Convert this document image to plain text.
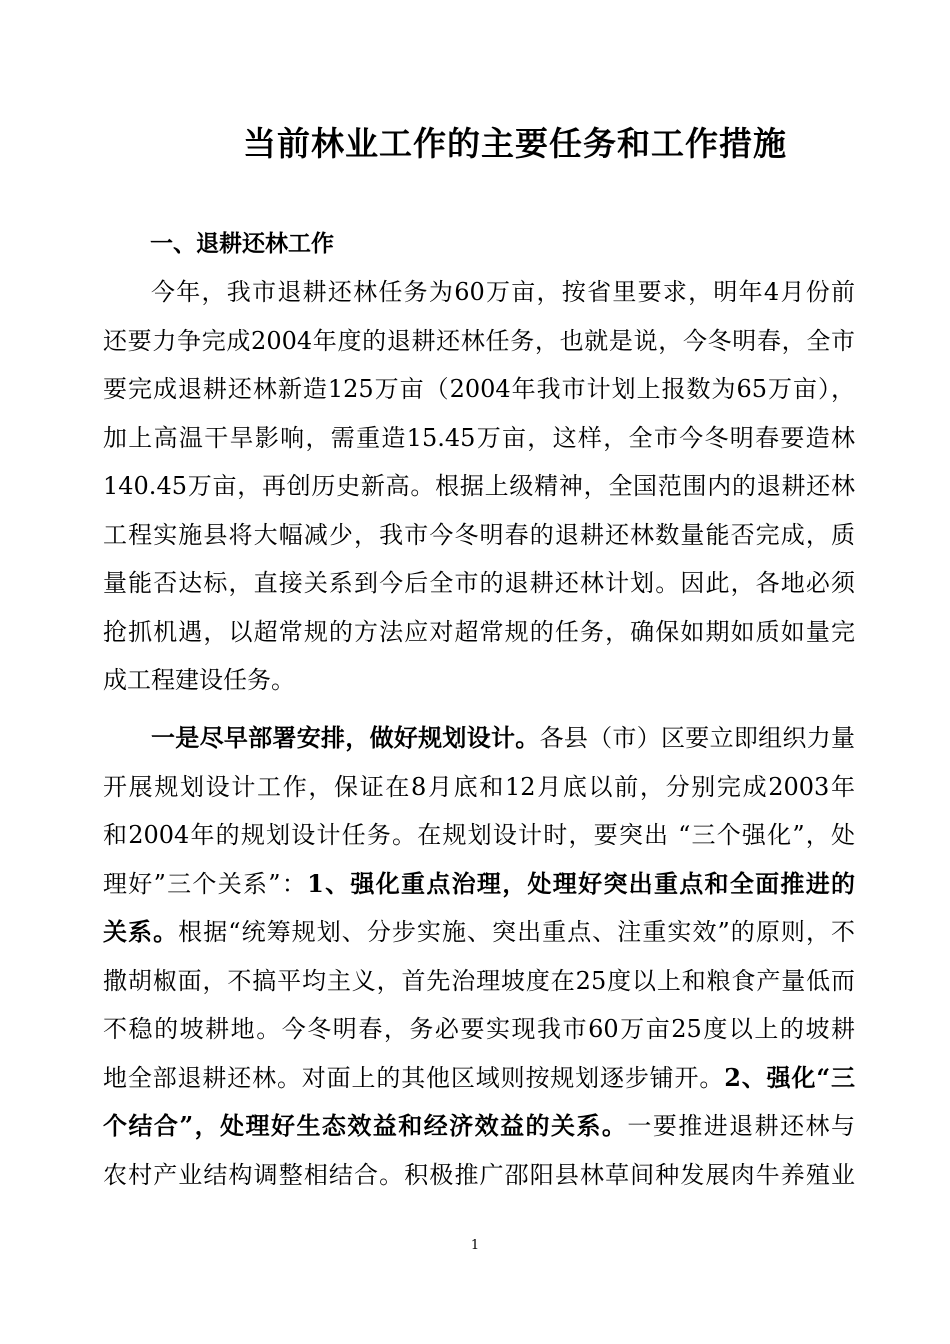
当前林业工作的主要任务和工作措施
一、退耕还林工作
今年，我市退耕还林任务为60万亩，按省里要求，明年4月份前
还要力争完成2004年度的退耕还林任务，也就是说，今冬明春，全市
要完成退耕还林新造125万亩（2004年我市计划上报数为65万亩），
加上高温干旱影响，需重造15.45万亩，这样，全市今冬明春要造林
140.45万亩，再创历史新高。根据上级精神，全国范围内的退耕还林
工程实施县将大幅减少，我市今冬明春的退耕还林数量能否完成，质
量能否达标，直接关系到今后全市的退耕还林计划。因此，各地必须
抢抓机遇，以超常规的方法应对超常规的任务，确保如期如质如量完
成工程建设任务。
一是尽早部署安排，做好规划设计。各县（市）区要立即组织力量
开展规划设计工作，保证在8月底和12月底以前，分别完成2003年
和2004年的规划设计任务。在规划设计时，要突出 “三个强化”，处
理好”三个关系”：1、强化重点治理，处理好突出重点和全面推进的
关系。根据“统筹规划、分步实施、突出重点、注重实效”的原则，不
撒胡椒面，不搞平均主义，首先治理坡度在25度以上和粮食产量低而
不稳的坡耕地。今冬明春，务必要实现我市60万亩25度以上的坡耕
地全部退耕还林。对面上的其他区域则按规划逐步铺开。2、强化“三
个结合”，处理好生态效益和经济效益的关系。一要推进退耕还林与
农村产业结构调整相结合。积极推广邵阳县林草间种发展肉牛养殖业
1
